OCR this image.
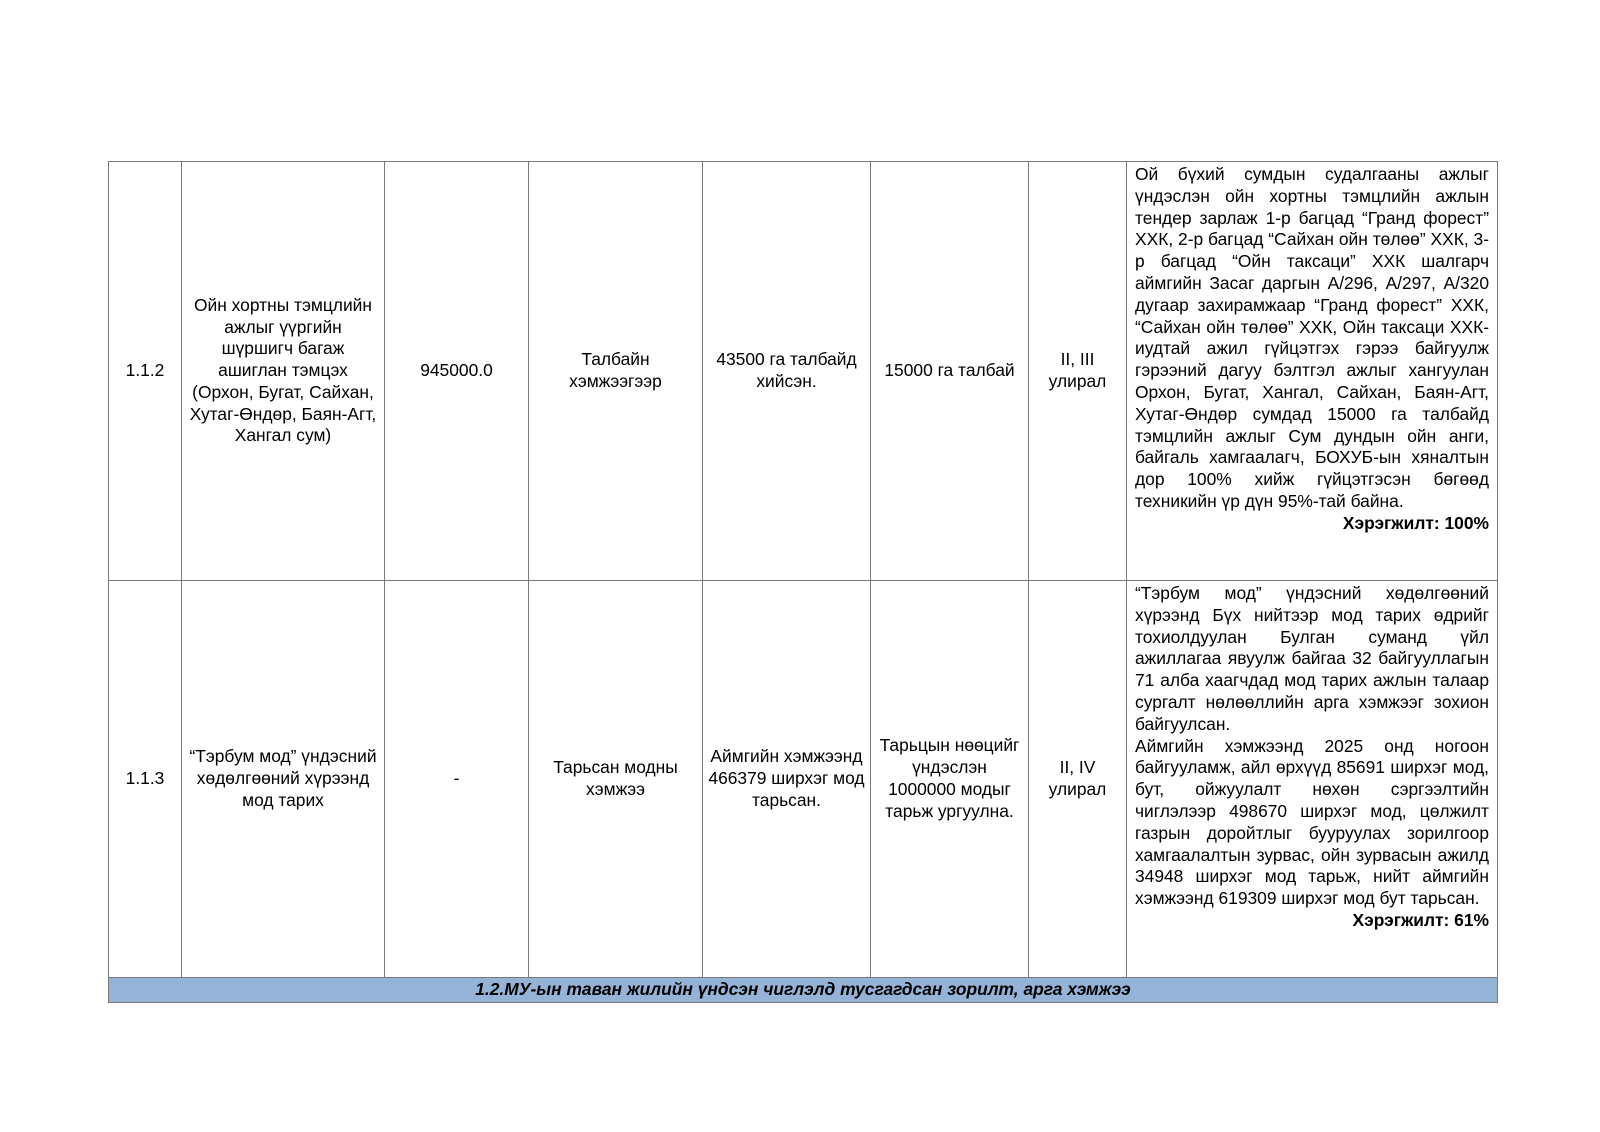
1.1.2	Ойн хортны тэмцлийн ажлыг үүргийн шүршигч багаж ашиглан тэмцэх (Орхон, Бугат, Сайхан, Хутаг-Өндөр, Баян-Агт, Хангал сум)	945000.0	Талбайн хэмжээгээр	43500 га талбайд хийсэн.	15000 га талбай	II, III улирал	Ой бүхий сумдын судалгааны ажлыг үндэслэн ойн хортны тэмцлийн ажлын тендер зарлаж 1-р багцад “Гранд форест” ХХК, 2-р багцад “Сайхан ойн төлөө” ХХК, 3-р багцад “Ойн таксаци” ХХК шалгарч аймгийн Засаг даргын А/296, А/297, А/320 дугаар захирамжаар “Гранд форест” ХХК, “Сайхан ойн төлөө” ХХК, Ойн таксаци ХХК-иудтай ажил гүйцэтгэх гэрээ байгуулж гэрээний дагуу бэлтгэл ажлыг хангуулан Орхон, Бугат, Хангал, Сайхан, Баян-Агт, Хутаг-Өндөр сумдад 15000 га талбайд тэмцлийн ажлыг Сум дундын ойн анги, байгаль хамгаалагч, БОХУБ-ын хяналтын дор 100% хийж гүйцэтгэсэн бөгөөд техникийн үр дүн 95%-тай байна.
Хэрэгжилт: 100%

1.1.3	“Тэрбум мод” үндэсний хөдөлгөөний хүрээнд мод тарих	-	Тарьсан модны хэмжээ	Аймгийн хэмжээнд 466379 ширхэг мод тарьсан.	Тарьцын нөөцийг үндэслэн 1000000 модыг тарьж ургуулна.	II, IV улирал	“Тэрбум мод” үндэсний хөдөлгөөний хүрээнд Бүх нийтээр мод тарих өдрийг тохиолдуулан Булган суманд үйл ажиллагаа явуулж байгаа 32 байгууллагын 71 алба хаагчдад мод тарих ажлын талаар сургалт нөлөөллийн арга хэмжээг зохион байгуулсан.
Аймгийн хэмжээнд 2025 онд ногоон байгууламж, айл өрхүүд 85691 ширхэг мод, бут, ойжуулалт нөхөн сэргээлтийн чиглэлээр 498670 ширхэг мод, цөлжилт газрын доройтлыг бууруулах зорилгоор хамгаалалтын зурвас, ойн зурвасын ажилд 34948 ширхэг мод тарьж, нийт аймгийн хэмжээнд 619309 ширхэг мод бут тарьсан.
Хэрэгжилт: 61%

1.2.МУ-ын таван жилийн үндсэн чиглэлд тусгагдсан зорилт, арга хэмжээ							
